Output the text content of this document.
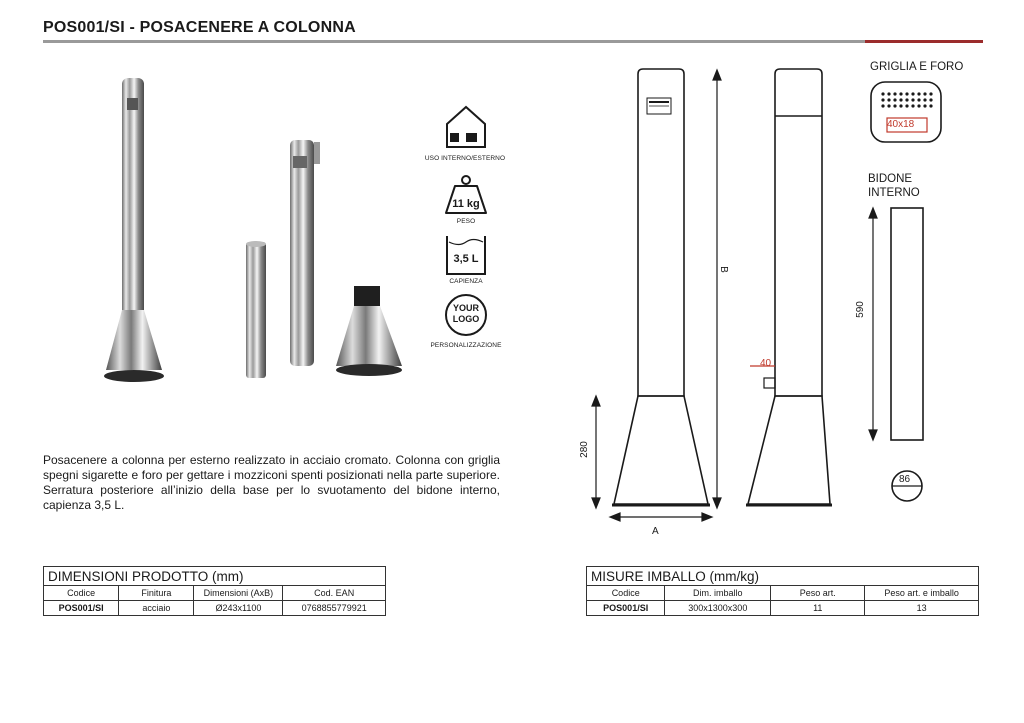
POS001/SI - POSACENERE A COLONNA
USO INTERNO/ESTERNO
11 kg
PESO
3,5 L
CAPIENZA
YOUR
LOGO
PERSONALIZZAZIONE
Posacenere a colonna per esterno realizzato in acciaio cromato. Colonna con griglia spegni sigarette e foro per gettare i mozziconi spenti posizionati nella parte superiore. Serratura posteriore all’inizio della base per lo svuotamento del bidone interno, capienza 3,5 L.
B
280
A
40
GRIGLIA E FORO
40x18
BIDONE
INTERNO
590
86
DIMENSIONI PRODOTTO (mm)			
Codice	Finitura	Dimensioni (AxB)	Cod. EAN
POS001/SI	acciaio	Ø243x1100	0768855779921
MISURE IMBALLO (mm/kg)			
Codice	Dim. imballo	Peso art.	Peso art. e imballo
POS001/SI	300x1300x300	11	13
